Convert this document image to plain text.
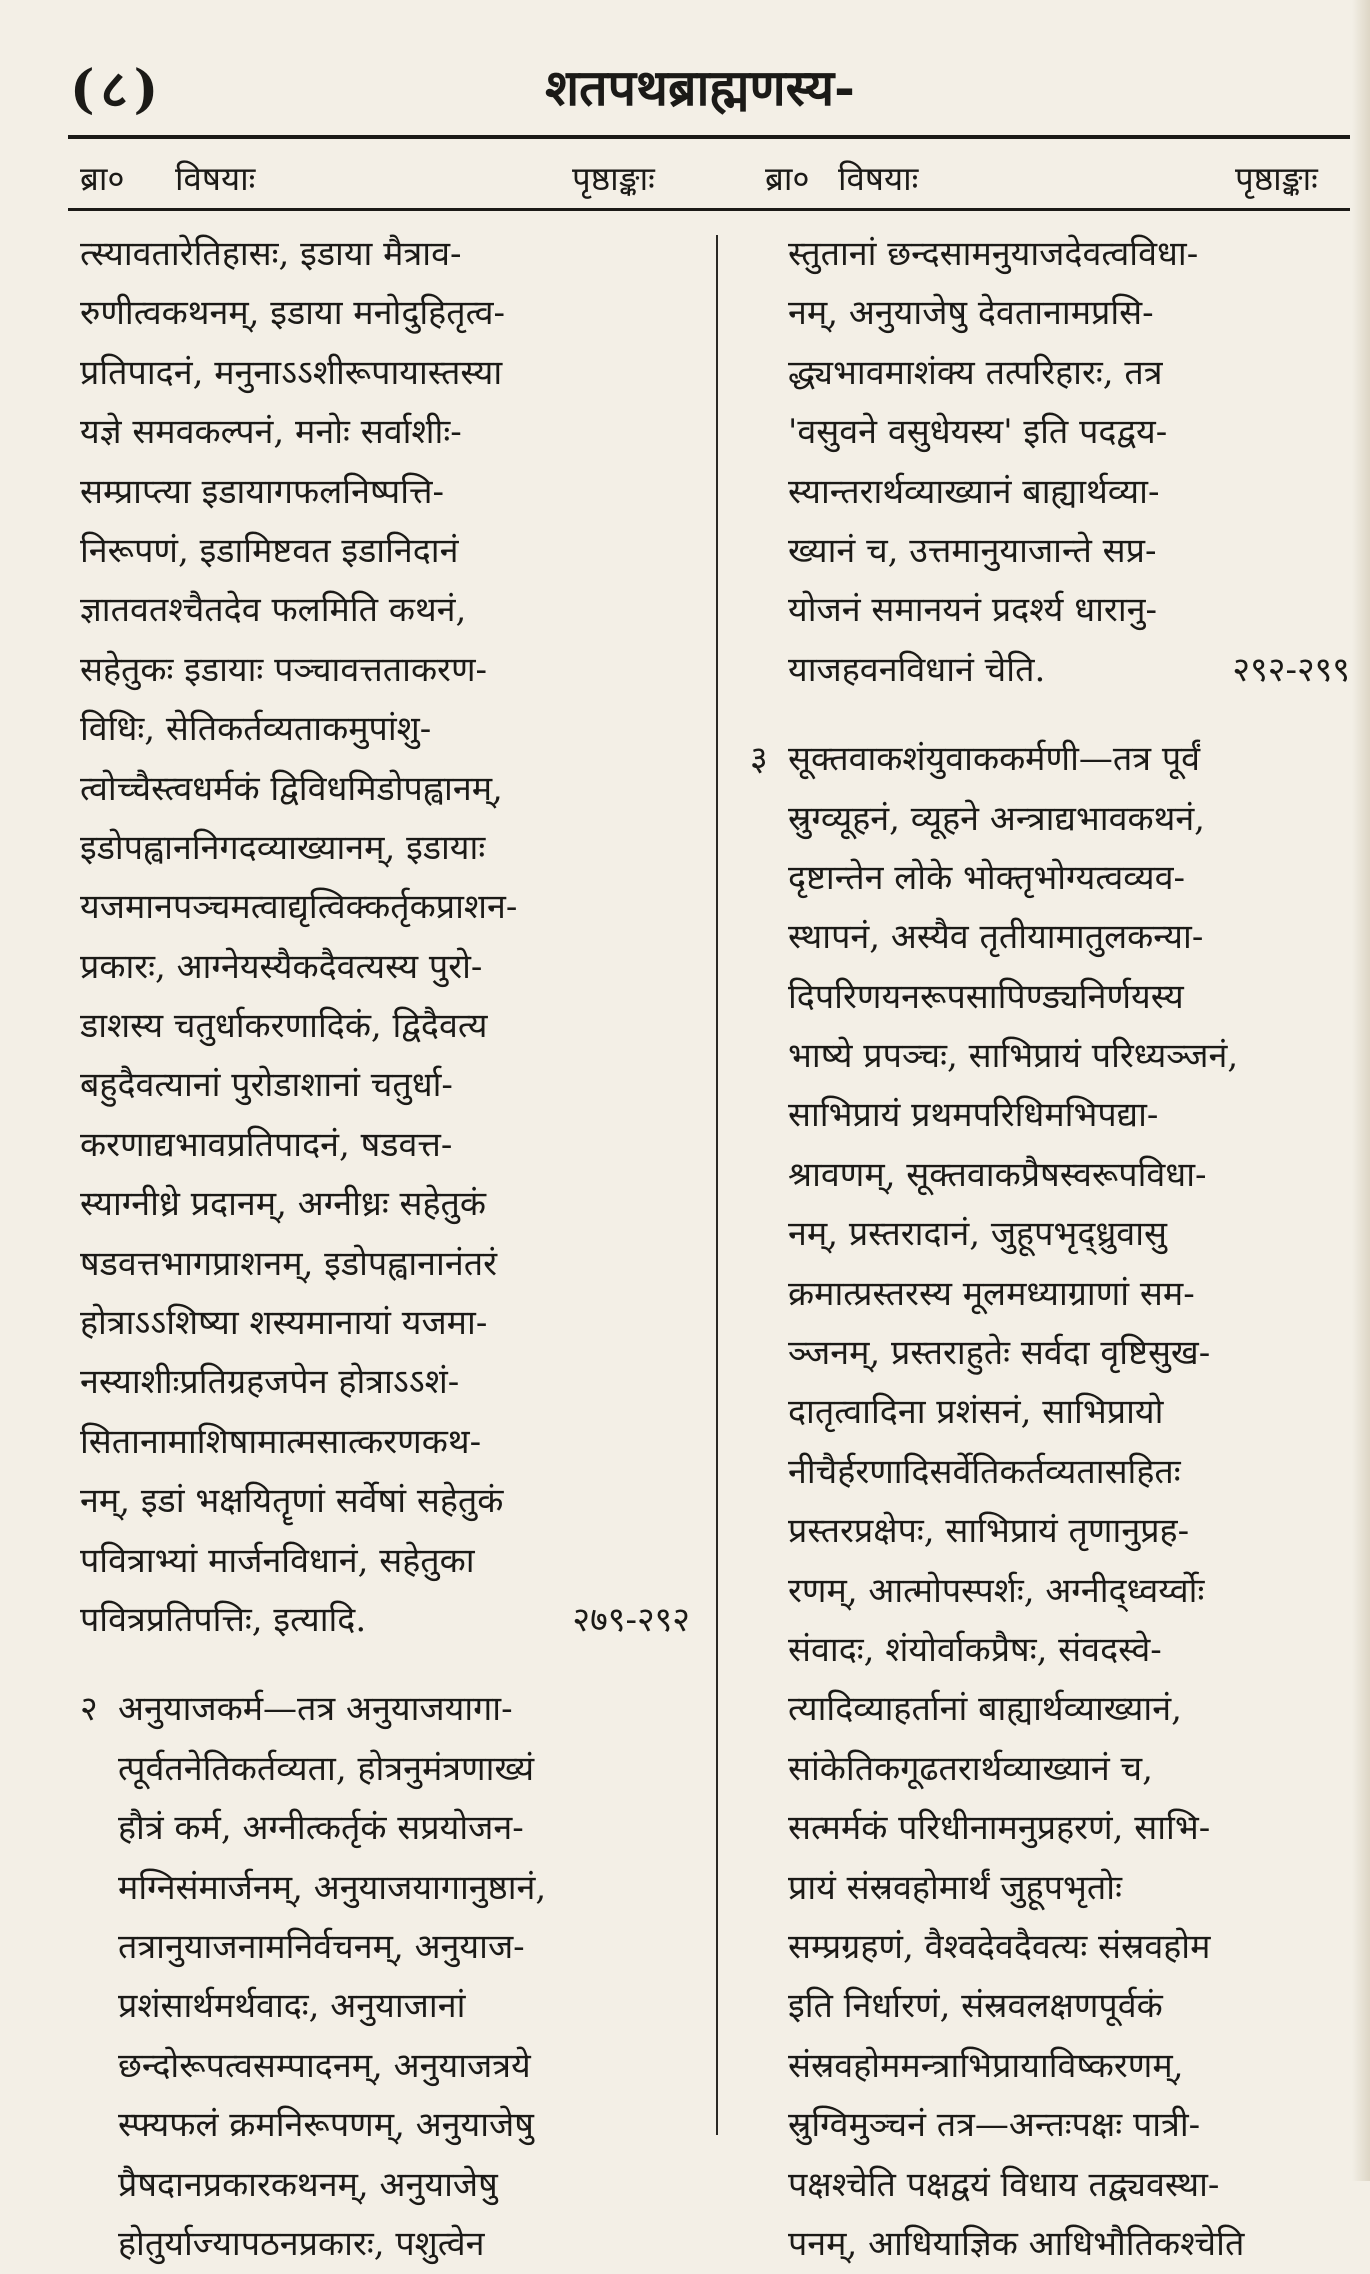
(८)	शतपथब्राह्मणस्य-
ब्रा० विषयाः	पृष्ठाङ्काः	ब्रा० विषयाः	पृष्ठाङ्काः
त्स्यावतारेतिहासः, इडाया मैत्राव-
रुणीत्वकथनम्, इडाया मनोदुहितृत्व-
प्रतिपादनं, मनुनाऽऽशीरूपायास्तस्या
यज्ञे समवकल्पनं, मनोः सर्वाशीः-
सम्प्राप्त्या इडायागफलनिष्पत्ति-
निरूपणं, इडामिष्टवत इडानिदानं
ज्ञातवतश्चैतदेव फलमिति कथनं,
सहेतुकः इडायाः पञ्चावत्तताकरण-
विधिः, सेतिकर्तव्यताकमुपांशु-
त्वोच्चैस्त्वधर्मकं द्विविधमिडोपह्वानम्,
इडोपह्वाननिगदव्याख्यानम्, इडायाः
यजमानपञ्चमत्वाद्यृत्विक्कर्तृकप्राशन-
प्रकारः, आग्नेयस्यैकदैवत्यस्य पुरो-
डाशस्य चतुर्धाकरणादिकं, द्विदैवत्य
बहुदैवत्यानां पुरोडाशानां चतुर्धा-
करणाद्यभावप्रतिपादनं, षडवत्त-
स्याग्नीध्रे प्रदानम्, अग्नीध्रः सहेतुकं
षडवत्तभागप्राशनम्, इडोपह्वानानंतरं
होत्राऽऽशिष्या शस्यमानायां यजमा-
नस्याशीःप्रतिग्रहजपेन होत्राऽऽशं-
सितानामाशिषामात्मसात्करणकथ-
नम्, इडां भक्षयितॄणां सर्वेषां सहेतुकं
पवित्राभ्यां मार्जनविधानं, सहेतुका
पवित्रप्रतिपत्तिः, इत्यादि.	२७९-२९२
२ अनुयाजकर्म—तत्र अनुयाजयागा-
त्पूर्वतनेतिकर्तव्यता, होत्रनुमंत्रणाख्यं
हौत्रं कर्म, अग्नीत्कर्तृकं सप्रयोजन-
मग्निसंमार्जनम्, अनुयाजयागानुष्ठानं,
तत्रानुयाजनामनिर्वचनम्, अनुयाज-
प्रशंसार्थमर्थवादः, अनुयाजानां
छन्दोरूपत्वसम्पादनम्, अनुयाजत्रये
स्फ्यफलं क्रमनिरूपणम्, अनुयाजेषु
प्रैषदानप्रकारकथनम्, अनुयाजेषु
होतुर्याज्यापठनप्रकारः, पशुत्वेन
स्तुतानां छन्दसामनुयाजदेवत्वविधा-
नम्, अनुयाजेषु देवतानामप्रसि-
द्ध्यभावमाशंक्य तत्परिहारः, तत्र
'वसुवने वसुधेयस्य' इति पदद्वय-
स्यान्तरार्थव्याख्यानं बाह्यार्थव्या-
ख्यानं च, उत्तमानुयाजान्ते सप्र-
योजनं समानयनं प्रदर्श्य धारानु-
याजहवनविधानं चेति.	२९२-२९९
३ सूक्तवाकशंयुवाककर्मणी—तत्र पूर्वं
स्रुग्व्यूहनं, व्यूहने अन्त्राद्यभावकथनं,
दृष्टान्तेन लोके भोक्तृभोग्यत्वव्यव-
स्थापनं, अस्यैव तृतीयामातुलकन्या-
दिपरिणयनरूपसापिण्ड्यनिर्णयस्य
भाष्ये प्रपञ्चः, साभिप्रायं परिध्यञ्जनं,
साभिप्रायं प्रथमपरिधिमभिपद्या-
श्रावणम्, सूक्तवाकप्रैषस्वरूपविधा-
नम्, प्रस्तरादानं, जुहूपभृद्ध्रुवासु
क्रमात्प्रस्तरस्य मूलमध्याग्राणां सम-
ञ्जनम्, प्रस्तराहुतेः सर्वदा वृष्टिसुख-
दातृत्वादिना प्रशंसनं, साभिप्रायो
नीचैर्हरणादिसर्वेतिकर्तव्यतासहितः
प्रस्तरप्रक्षेपः, साभिप्रायं तृणानुप्रह-
रणम्, आत्मोपस्पर्शः, अग्नीद्ध्वर्य्वोः
संवादः, शंयोर्वाकप्रैषः, संवदस्वे-
त्यादिव्याहर्तानां बाह्यार्थव्याख्यानं,
सांकेतिकगूढतरार्थव्याख्यानं च,
सत्मर्मकं परिधीनामनुप्रहरणं, साभि-
प्रायं संस्रवहोमार्थं जुहूपभृतोः
सम्प्रग्रहणं, वैश्वदेवदैवत्यः संस्रवहोम
इति निर्धारणं, संस्रवलक्षणपूर्वकं
संस्रवहोममन्त्राभिप्रायाविष्करणम्,
स्रुग्विमुञ्चनं तत्र—अन्तःपक्षः पात्री-
पक्षश्चेति पक्षद्वयं विधाय तद्व्यवस्था-
पनम्, आधियाज्ञिक आधिभौतिकश्चेति
